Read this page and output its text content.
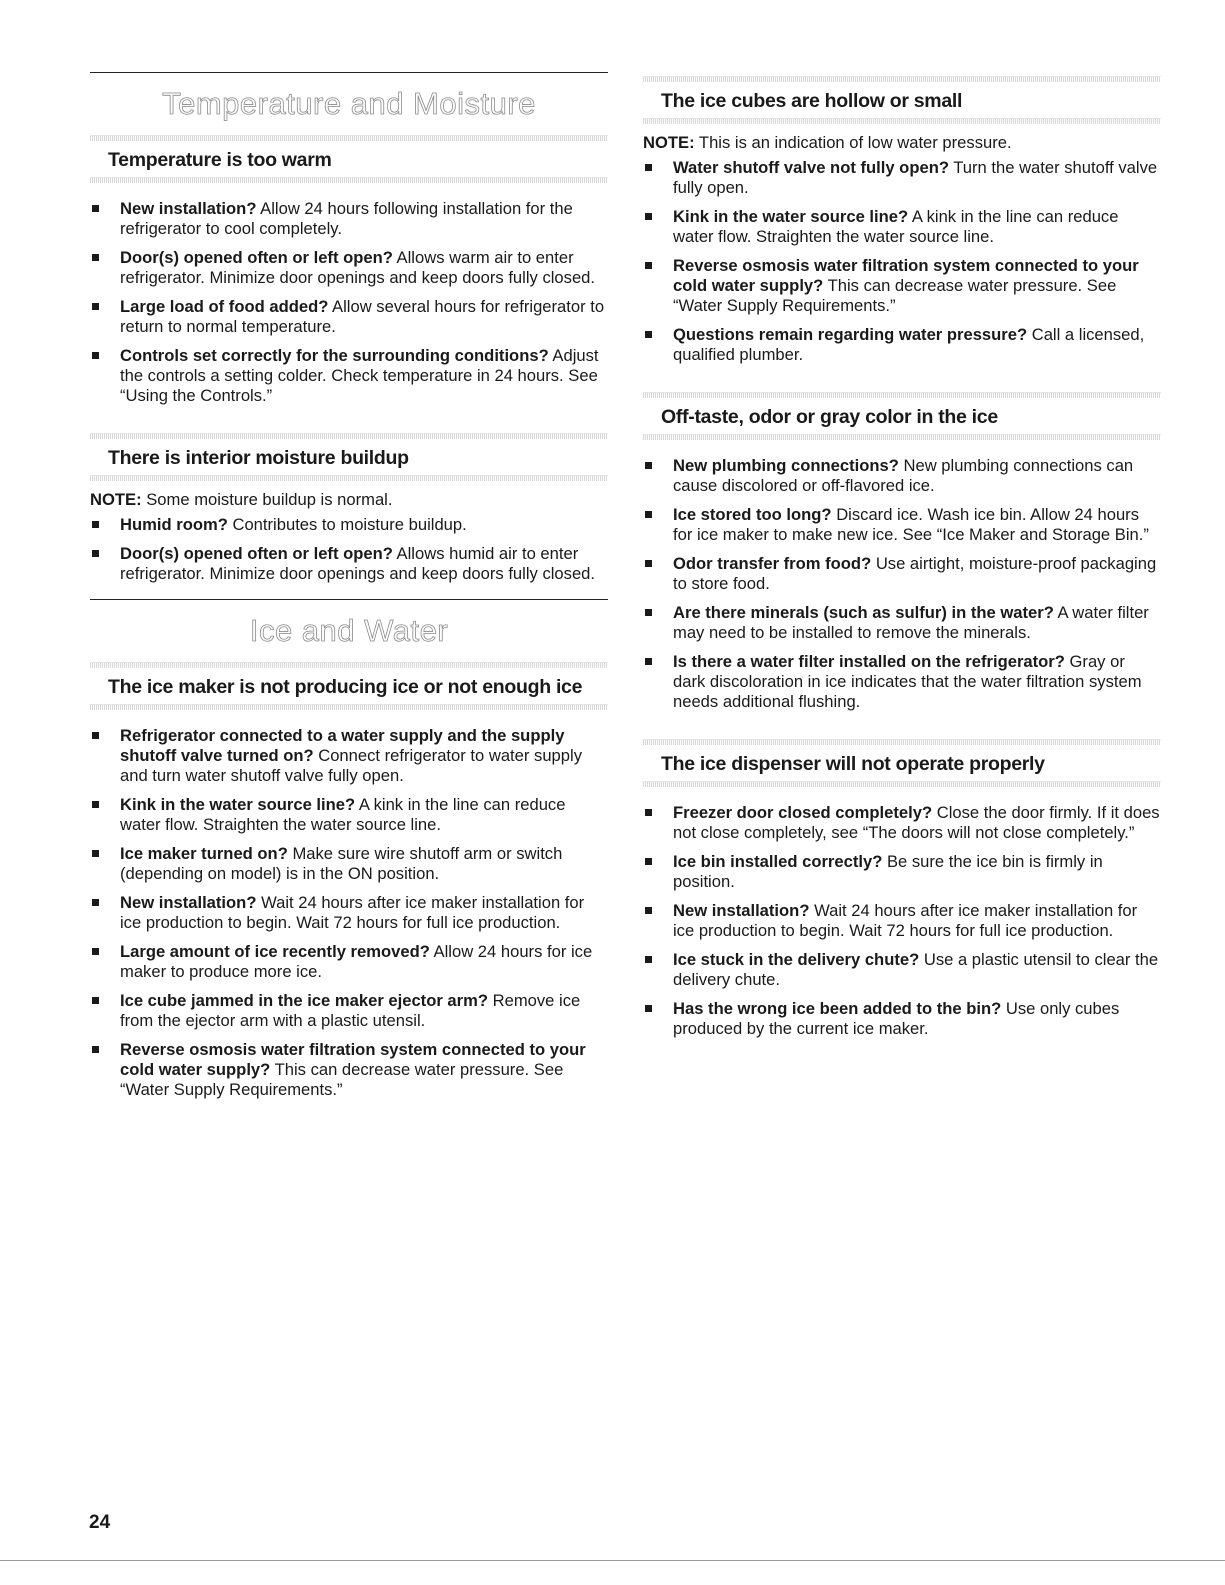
Temperature and Moisture
Temperature is too warm
New installation? Allow 24 hours following installation for the refrigerator to cool completely.
Door(s) opened often or left open? Allows warm air to enter refrigerator. Minimize door openings and keep doors fully closed.
Large load of food added? Allow several hours for refrigerator to return to normal temperature.
Controls set correctly for the surrounding conditions? Adjust the controls a setting colder. Check temperature in 24 hours. See “Using the Controls.”
There is interior moisture buildup

NOTE: Some moisture buildup is normal.

Humid room? Contributes to moisture buildup.
Door(s) opened often or left open? Allows humid air to enter refrigerator. Minimize door openings and keep doors fully closed.
Ice and Water
The ice maker is not producing ice or not enough ice
Refrigerator connected to a water supply and the supply shutoff valve turned on? Connect refrigerator to water supply and turn water shutoff valve fully open.
Kink in the water source line? A kink in the line can reduce water flow. Straighten the water source line.
Ice maker turned on? Make sure wire shutoff arm or switch (depending on model) is in the ON position.
New installation? Wait 24 hours after ice maker installation for ice production to begin. Wait 72 hours for full ice production.
Large amount of ice recently removed? Allow 24 hours for ice maker to produce more ice.
Ice cube jammed in the ice maker ejector arm? Remove ice from the ejector arm with a plastic utensil.
Reverse osmosis water filtration system connected to your cold water supply? This can decrease water pressure. See “Water Supply Requirements.”
The ice cubes are hollow or small

NOTE: This is an indication of low water pressure.

Water shutoff valve not fully open? Turn the water shutoff valve fully open.
Kink in the water source line? A kink in the line can reduce water flow. Straighten the water source line.
Reverse osmosis water filtration system connected to your cold water supply? This can decrease water pressure. See “Water Supply Requirements.”
Questions remain regarding water pressure? Call a licensed, qualified plumber.
Off-taste, odor or gray color in the ice
New plumbing connections? New plumbing connections can cause discolored or off-flavored ice.
Ice stored too long? Discard ice. Wash ice bin. Allow 24 hours for ice maker to make new ice. See “Ice Maker and Storage Bin.”
Odor transfer from food? Use airtight, moisture-proof packaging to store food.
Are there minerals (such as sulfur) in the water? A water filter may need to be installed to remove the minerals.
Is there a water filter installed on the refrigerator? Gray or dark discoloration in ice indicates that the water filtration system needs additional flushing.
The ice dispenser will not operate properly
Freezer door closed completely? Close the door firmly. If it does not close completely, see “The doors will not close completely.”
Ice bin installed correctly? Be sure the ice bin is firmly in position.
New installation? Wait 24 hours after ice maker installation for ice production to begin. Wait 72 hours for full ice production.
Ice stuck in the delivery chute? Use a plastic utensil to clear the delivery chute.
Has the wrong ice been added to the bin? Use only cubes produced by the current ice maker.
24
